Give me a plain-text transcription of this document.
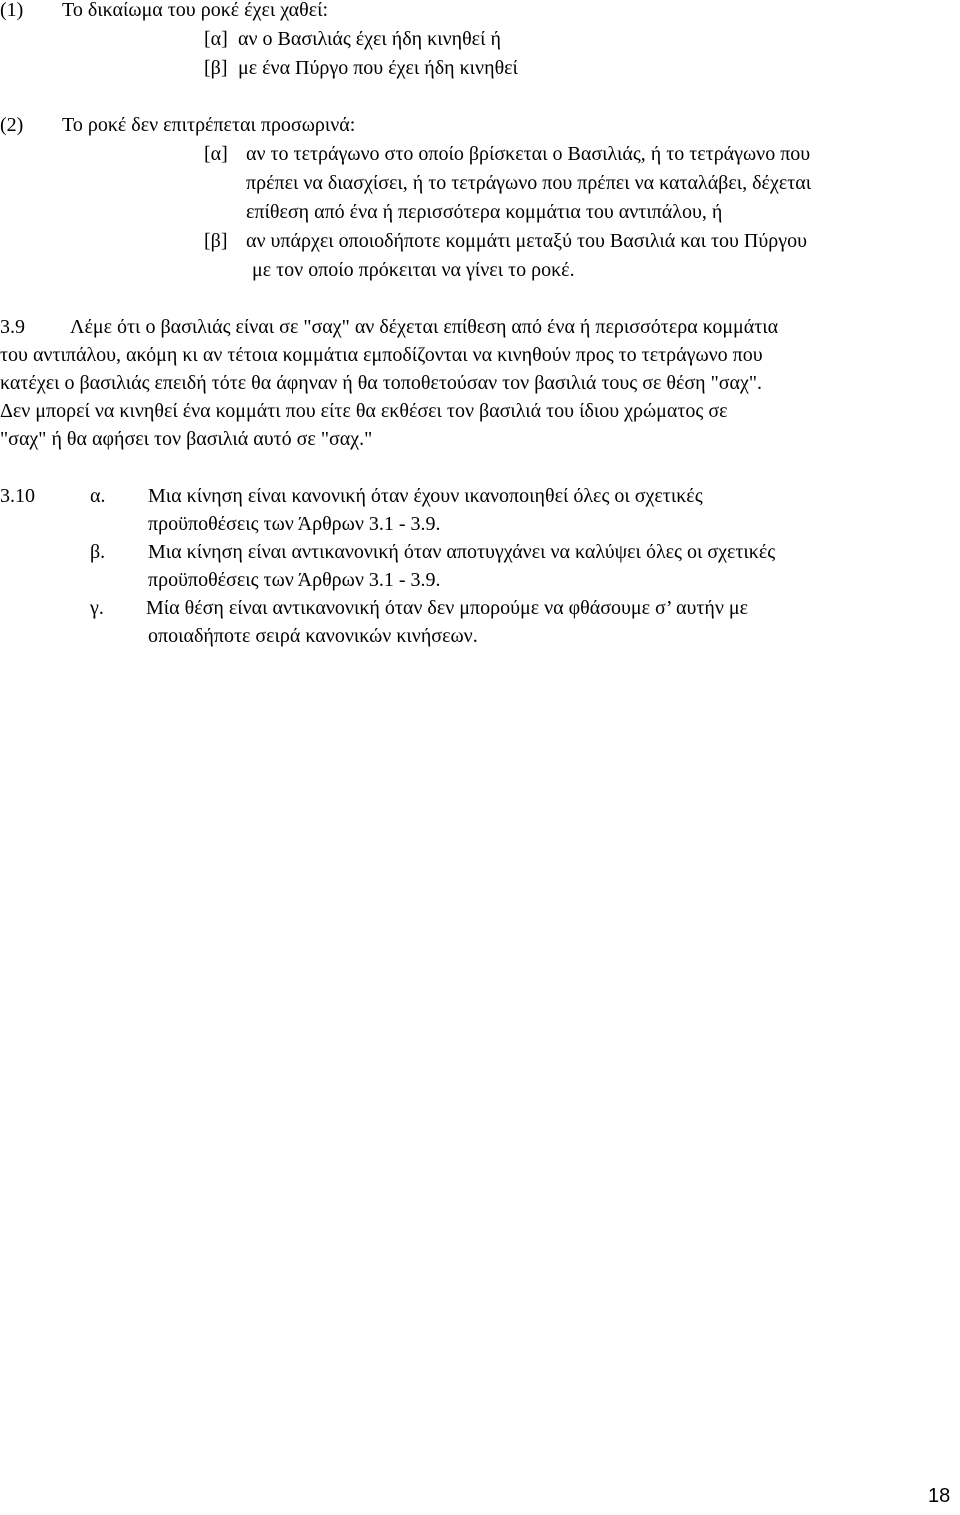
(1) Το δικαίωμα του ροκέ έχει χαθεί:
[α] αν ο Βασιλιάς έχει ήδη κινηθεί ή
[β] με ένα Πύργο που έχει ήδη κινηθεί
(2) Το ροκέ δεν επιτρέπεται προσωρινά:
[α] αν το τετράγωνο στο οποίο βρίσκεται ο Βασιλιάς, ή το τετράγωνο που
πρέπει να διασχίσει, ή το τετράγωνο που πρέπει να καταλάβει, δέχεται
επίθεση από ένα ή περισσότερα κομμάτια του αντιπάλου, ή
[β] αν υπάρχει οποιοδήποτε κομμάτι μεταξύ του Βασιλιά και του Πύργου
με τον οποίο πρόκειται να γίνει το ροκέ.
3.9 Λέμε ότι ο βασιλιάς είναι σε "σαχ" αν δέχεται επίθεση από ένα ή περισσότερα κομμάτια
του αντιπάλου, ακόμη κι αν τέτοια κομμάτια εμποδίζονται να κινηθούν προς το τετράγωνο που
κατέχει ο βασιλιάς επειδή τότε θα άφηναν ή θα τοποθετούσαν τον βασιλιά τους σε θέση "σαχ".
Δεν μπορεί να κινηθεί ένα κομμάτι που είτε θα εκθέσει τον βασιλιά του ίδιου χρώματος σε
"σαχ" ή θα αφήσει τον βασιλιά αυτό σε "σαχ."
3.10	α. Μια κίνηση είναι κανονική όταν έχουν ικανοποιηθεί όλες οι σχετικές
προϋποθέσεις των Άρθρων 3.1 - 3.9.
β. Μια κίνηση είναι αντικανονική όταν αποτυγχάνει να καλύψει όλες οι σχετικές
προϋποθέσεις των Άρθρων 3.1 - 3.9.
γ. Μία θέση είναι αντικανονική όταν δεν μπορούμε να φθάσουμε σ’ αυτήν με
οποιαδήποτε σειρά κανονικών κινήσεων.
18
